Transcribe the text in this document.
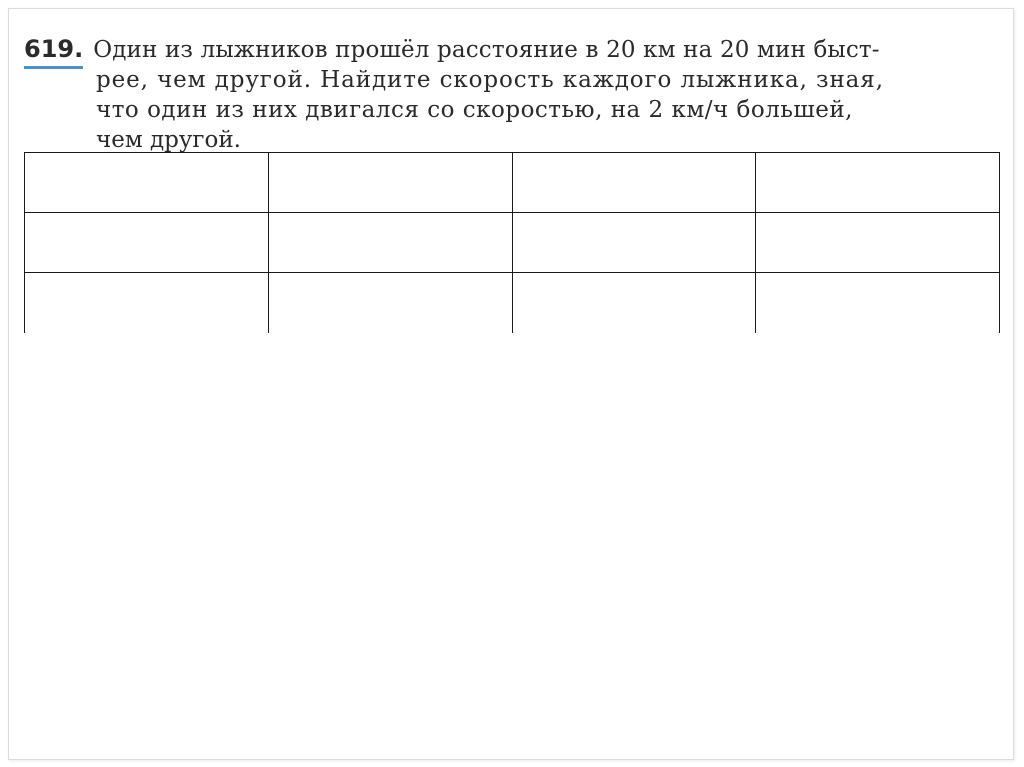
619. Один из лыжников прошёл расстояние в 20 км на 20 мин быст-
рее, чем другой. Найдите скорость каждого лыжника, зная,
что один из них двигался со скоростью, на 2 км/ч большей,
чем другой.
